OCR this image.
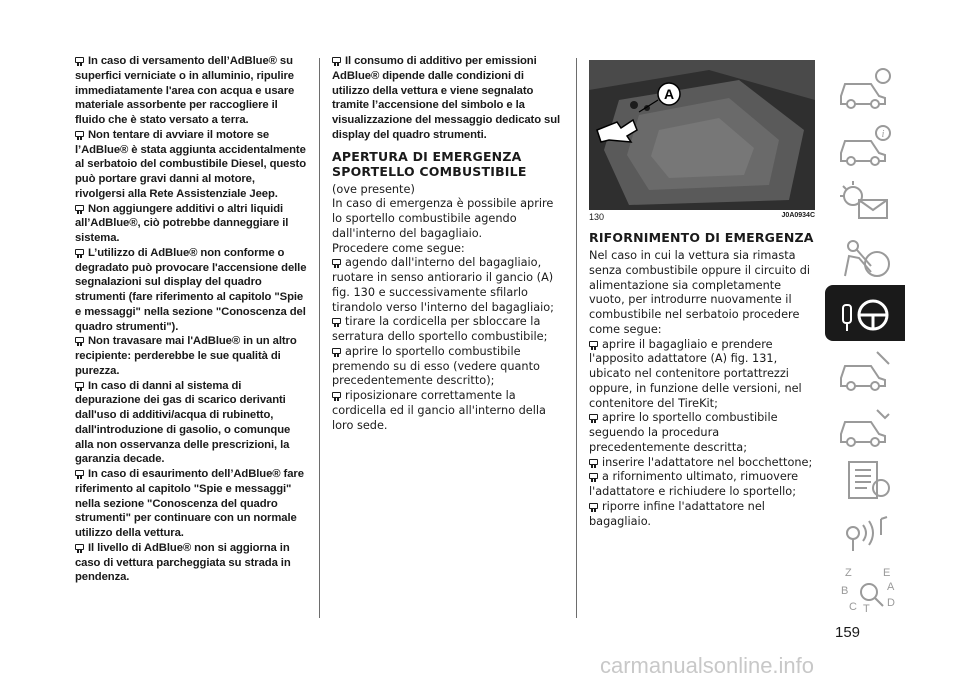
In caso di versamento dell’AdBlue® su superfici verniciate o in alluminio, ripulire immediatamente l'area con acqua e usare materiale assorbente per raccogliere il fluido che è stato versato a terra.

Non tentare di avviare il motore se l’AdBlue® è stata aggiunta accidentalmente al serbatoio del combustibile Diesel, questo può portare gravi danni al motore, rivolgersi alla Rete Assistenziale Jeep.

Non aggiungere additivi o altri liquidi all’AdBlue®, ciò potrebbe danneggiare il sistema.

L’utilizzo di AdBlue® non conforme o degradato può provocare l'accensione delle segnalazioni sul display del quadro strumenti (fare riferimento al capitolo "Spie e messaggi" nella sezione "Conoscenza del quadro strumenti").

Non travasare mai l'AdBlue® in un altro recipiente: perderebbe le sue qualità di purezza.

In caso di danni al sistema di depurazione dei gas di scarico derivanti dall'uso di additivi/acqua di rubinetto, dall'introduzione di gasolio, o comunque alla non osservanza delle prescrizioni, la garanzia decade.

In caso di esaurimento dell’AdBlue® fare riferimento al capitolo "Spie e messaggi" nella sezione "Conoscenza del quadro strumenti" per continuare con un normale utilizzo della vettura.

Il livello di AdBlue® non si aggiorna in caso di vettura parcheggiata su strada in pendenza.

Il consumo di additivo per emissioni AdBlue® dipende dalle condizioni di utilizzo della vettura e viene segnalato tramite l’accensione del simbolo e la visualizzazione del messaggio dedicato sul display del quadro strumenti.

APERTURA DI EMERGENZA SPORTELLO COMBUSTIBILE

(ove presente)

In caso di emergenza è possibile aprire lo sportello combustibile agendo dall'interno del bagagliaio.

Procedere come segue:

agendo dall'interno del bagagliaio, ruotare in senso antiorario il gancio (A) fig. 130 e successivamente sfilarlo tirandolo verso l'interno del bagagliaio;

tirare la cordicella per sbloccare la serratura dello sportello combustibile;

aprire lo sportello combustibile premendo su di esso (vedere quanto precedentemente descritto);

riposizionare correttamente la cordicella ed il gancio all'interno della loro sede.

A
130	J0A0934C
RIFORNIMENTO DI EMERGENZA

Nel caso in cui la vettura sia rimasta senza combustibile oppure il circuito di alimentazione sia completamente vuoto, per introdurre nuovamente il combustibile nel serbatoio procedere come segue:

aprire il bagagliaio e prendere l'apposito adattatore (A) fig. 131, ubicato nel contenitore portattrezzi oppure, in funzione delle versioni, nel contenitore del TireKit;

aprire lo sportello combustibile seguendo la procedura precedentemente descritta;

inserire l'adattatore nel bocchettone;

a rifornimento ultimato, rimuovere l'adattatore e richiudere lo sportello;

riporre infine l'adattatore nel bagagliaio.

i
Z	E
B	A
C T D
159
carmanualsonline.info
